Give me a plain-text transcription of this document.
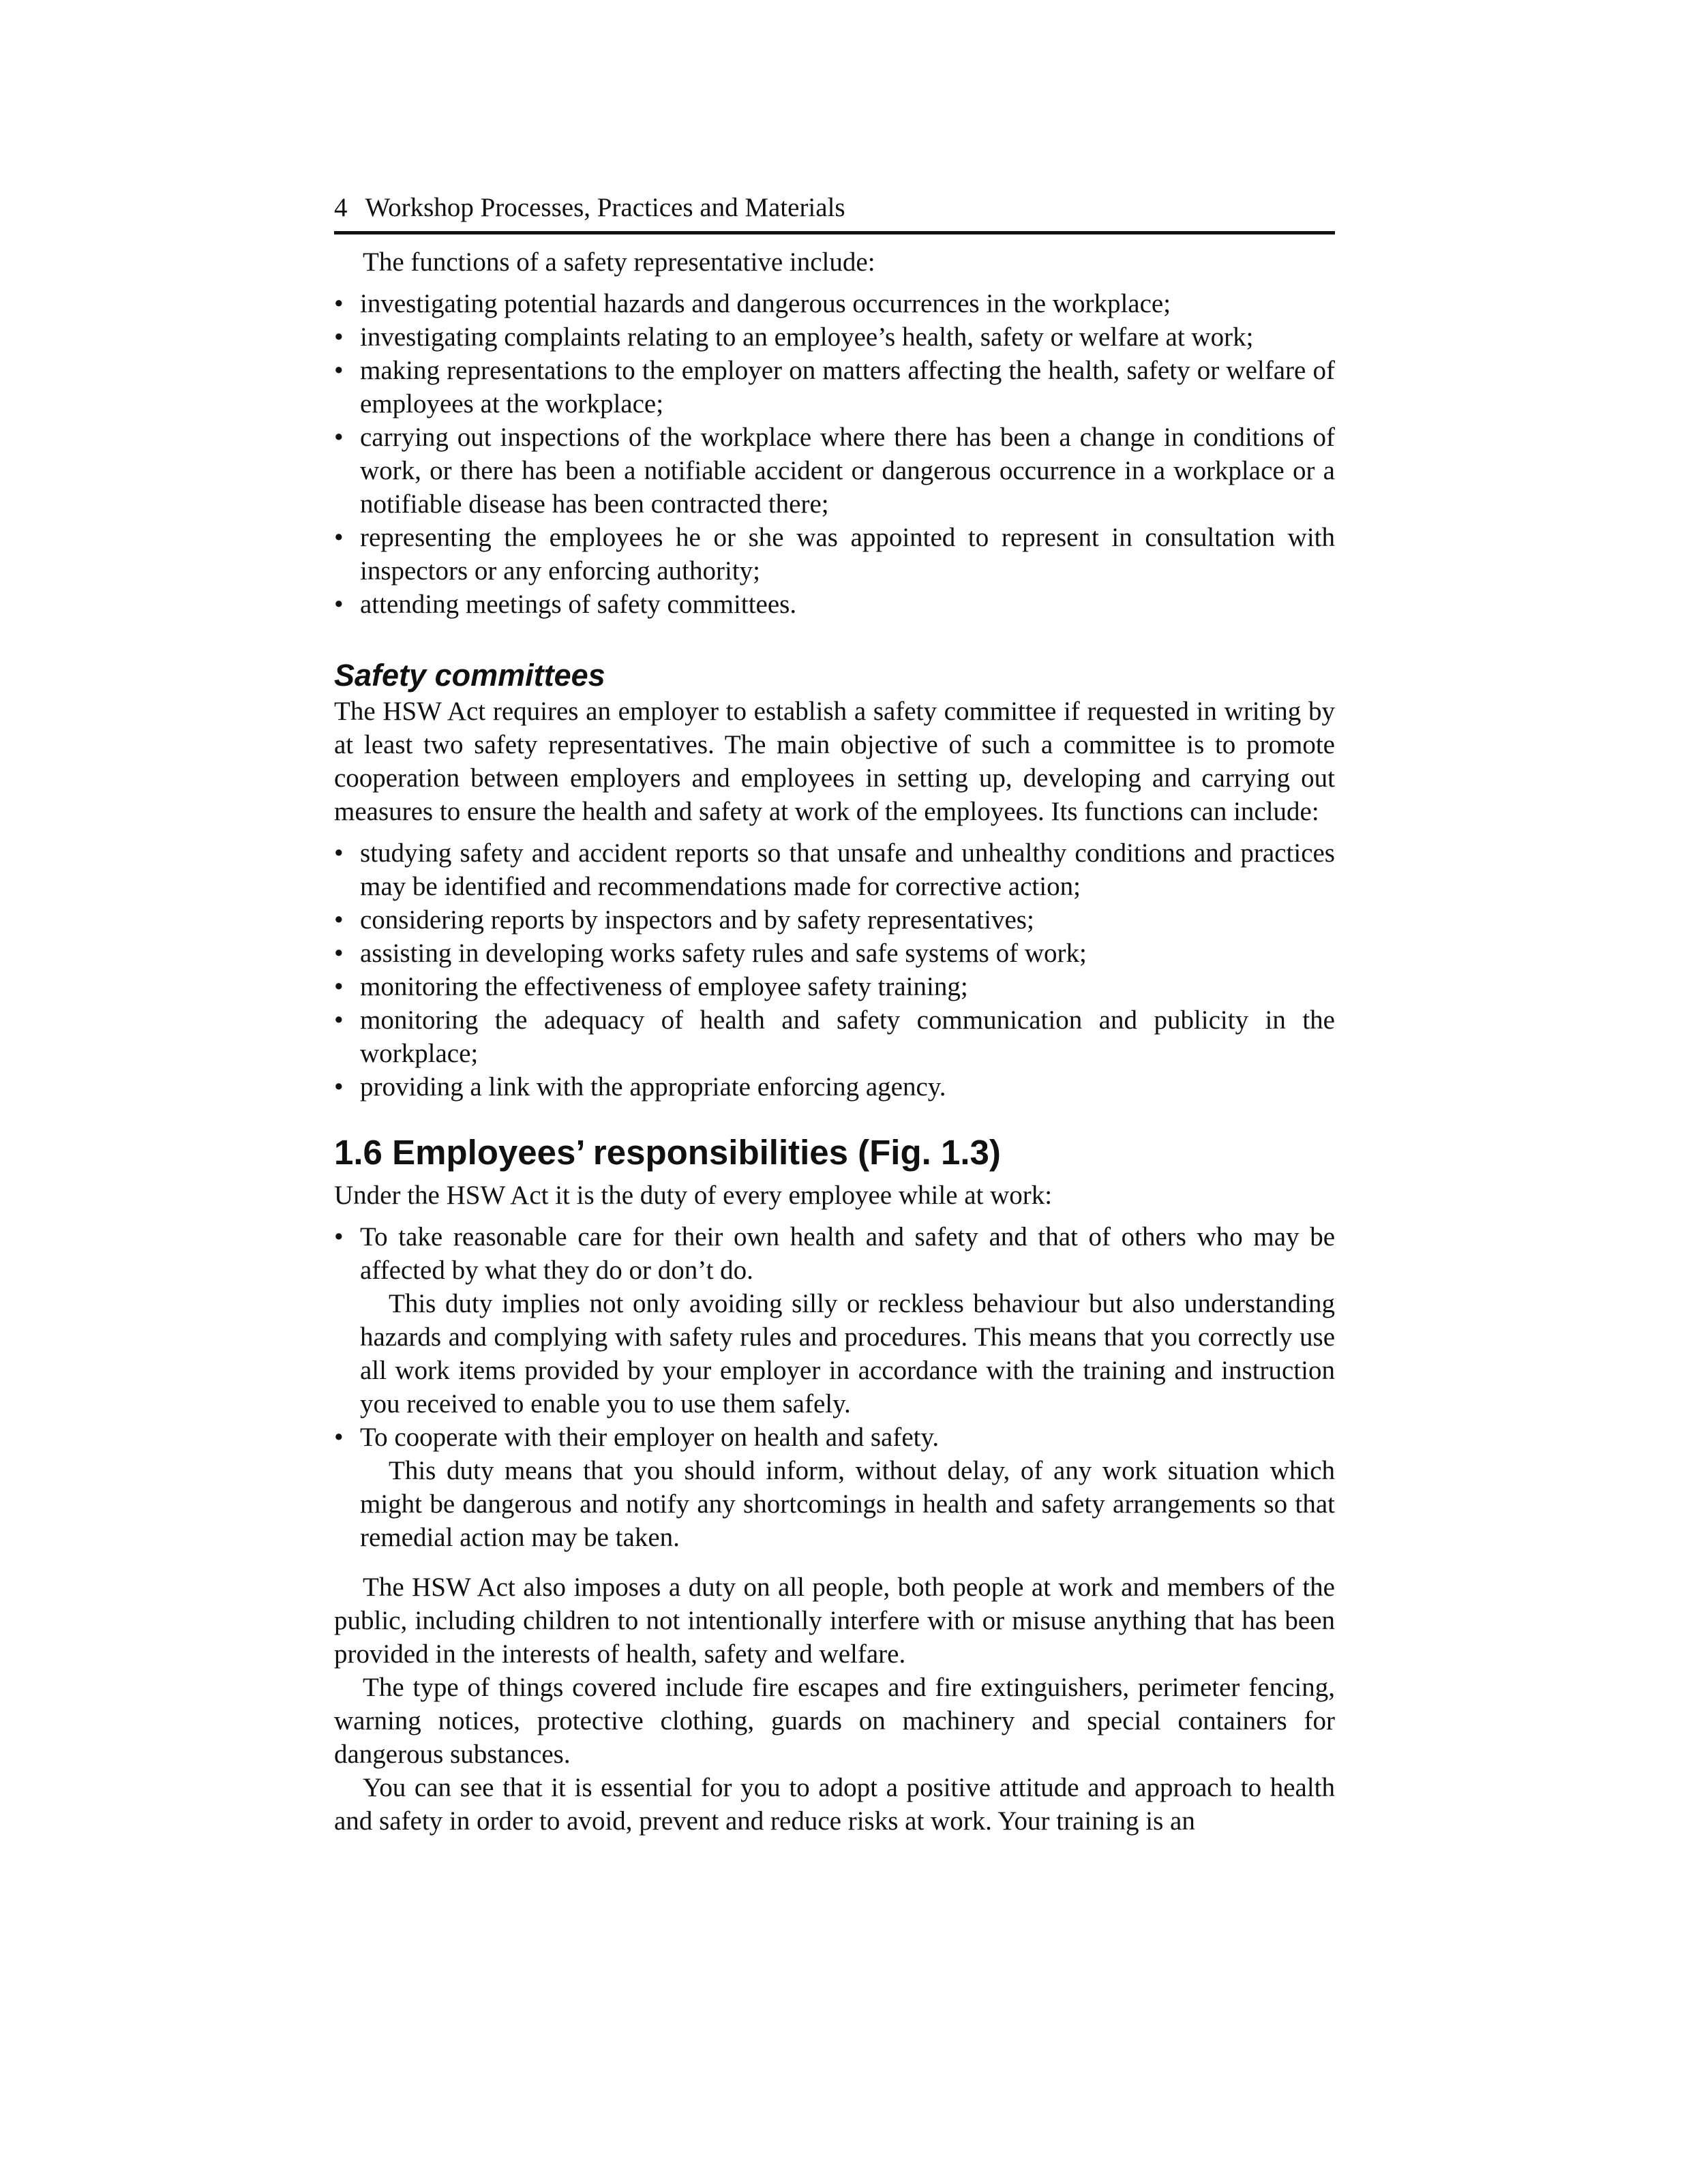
4 Workshop Processes, Practices and Materials

The functions of a safety representative include:

• investigating potential hazards and dangerous occurrences in the workplace;
• investigating complaints relating to an employee’s health, safety or welfare at work;
• making representations to the employer on matters affecting the health, safety or welfare of employees at the workplace;
• carrying out inspections of the workplace where there has been a change in conditions of work, or there has been a notifiable accident or dangerous occurrence in a workplace or a notifiable disease has been contracted there;
• representing the employees he or she was appointed to represent in consultation with inspectors or any enforcing authority;
• attending meetings of safety committees.
Safety committees

The HSW Act requires an employer to establish a safety committee if requested in writing by at least two safety representatives. The main objective of such a committee is to promote cooperation between employers and employees in setting up, developing and carrying out measures to ensure the health and safety at work of the employees. Its functions can include:

• studying safety and accident reports so that unsafe and unhealthy conditions and practices may be identified and recommendations made for corrective action;
• considering reports by inspectors and by safety representatives;
• assisting in developing works safety rules and safe systems of work;
• monitoring the effectiveness of employee safety training;
• monitoring the adequacy of health and safety communication and publicity in the workplace;
• providing a link with the appropriate enforcing agency.
1.6 Employees’ responsibilities (Fig. 1.3)

Under the HSW Act it is the duty of every employee while at work:

• To take reasonable care for their own health and safety and that of others who may be affected by what they do or don’t do.

This duty implies not only avoiding silly or reckless behaviour but also understanding hazards and complying with safety rules and procedures. This means that you correctly use all work items provided by your employer in accordance with the training and instruction you received to enable you to use them safely.

• To cooperate with their employer on health and safety.

This duty means that you should inform, without delay, of any work situation which might be dangerous and notify any shortcomings in health and safety arrangements so that remedial action may be taken.

The HSW Act also imposes a duty on all people, both people at work and members of the public, including children to not intentionally interfere with or misuse anything that has been provided in the interests of health, safety and welfare.

The type of things covered include fire escapes and fire extinguishers, perimeter fencing, warning notices, protective clothing, guards on machinery and special containers for dangerous substances.

You can see that it is essential for you to adopt a positive attitude and approach to health and safety in order to avoid, prevent and reduce risks at work. Your training is an
